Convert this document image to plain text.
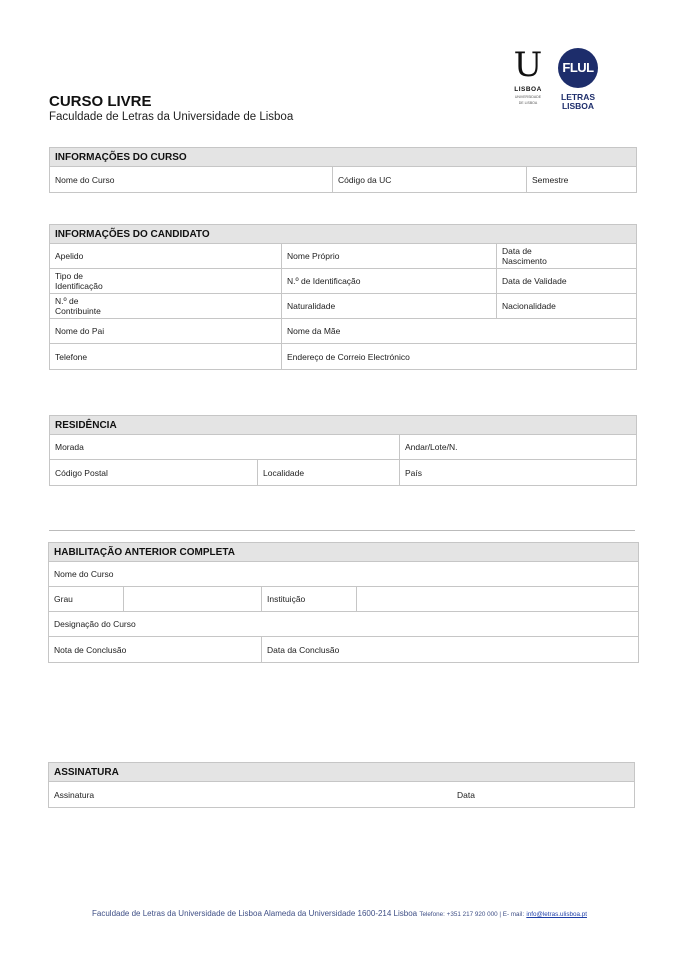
U
LISBOA
UNIVERSIDADE
DE LISBOA
FLUL
LETRAS
LISBOA
CURSO LIVRE
Faculdade de Letras da Universidade de Lisboa
INFORMAÇÕES DO CURSO
Nome do Curso	Código da UC	Semestre
INFORMAÇÕES DO CANDIDATO
Apelido	Nome Próprio	Data de Nascimento
Tipo de Identificação	N.º de Identificação	Data de Validade
N.º de Contribuinte	Naturalidade	Nacionalidade
Nome do Pai	Nome da Mãe
Telefone	Endereço de Correio Electrónico
RESIDÊNCIA
Morada	Andar/Lote/N.
Código Postal	Localidade	País
HABILITAÇÃO ANTERIOR COMPLETA
Nome do Curso
Grau	Instituição
Designação do Curso
Nota de Conclusão	Data da Conclusão
ASSINATURA
Assinatura	Data
Faculdade de Letras da Universidade de Lisboa Alameda da Universidade 1600-214 Lisboa Telefone: +351 217 920 000 | E- mail: info@letras.ulisboa.pt
